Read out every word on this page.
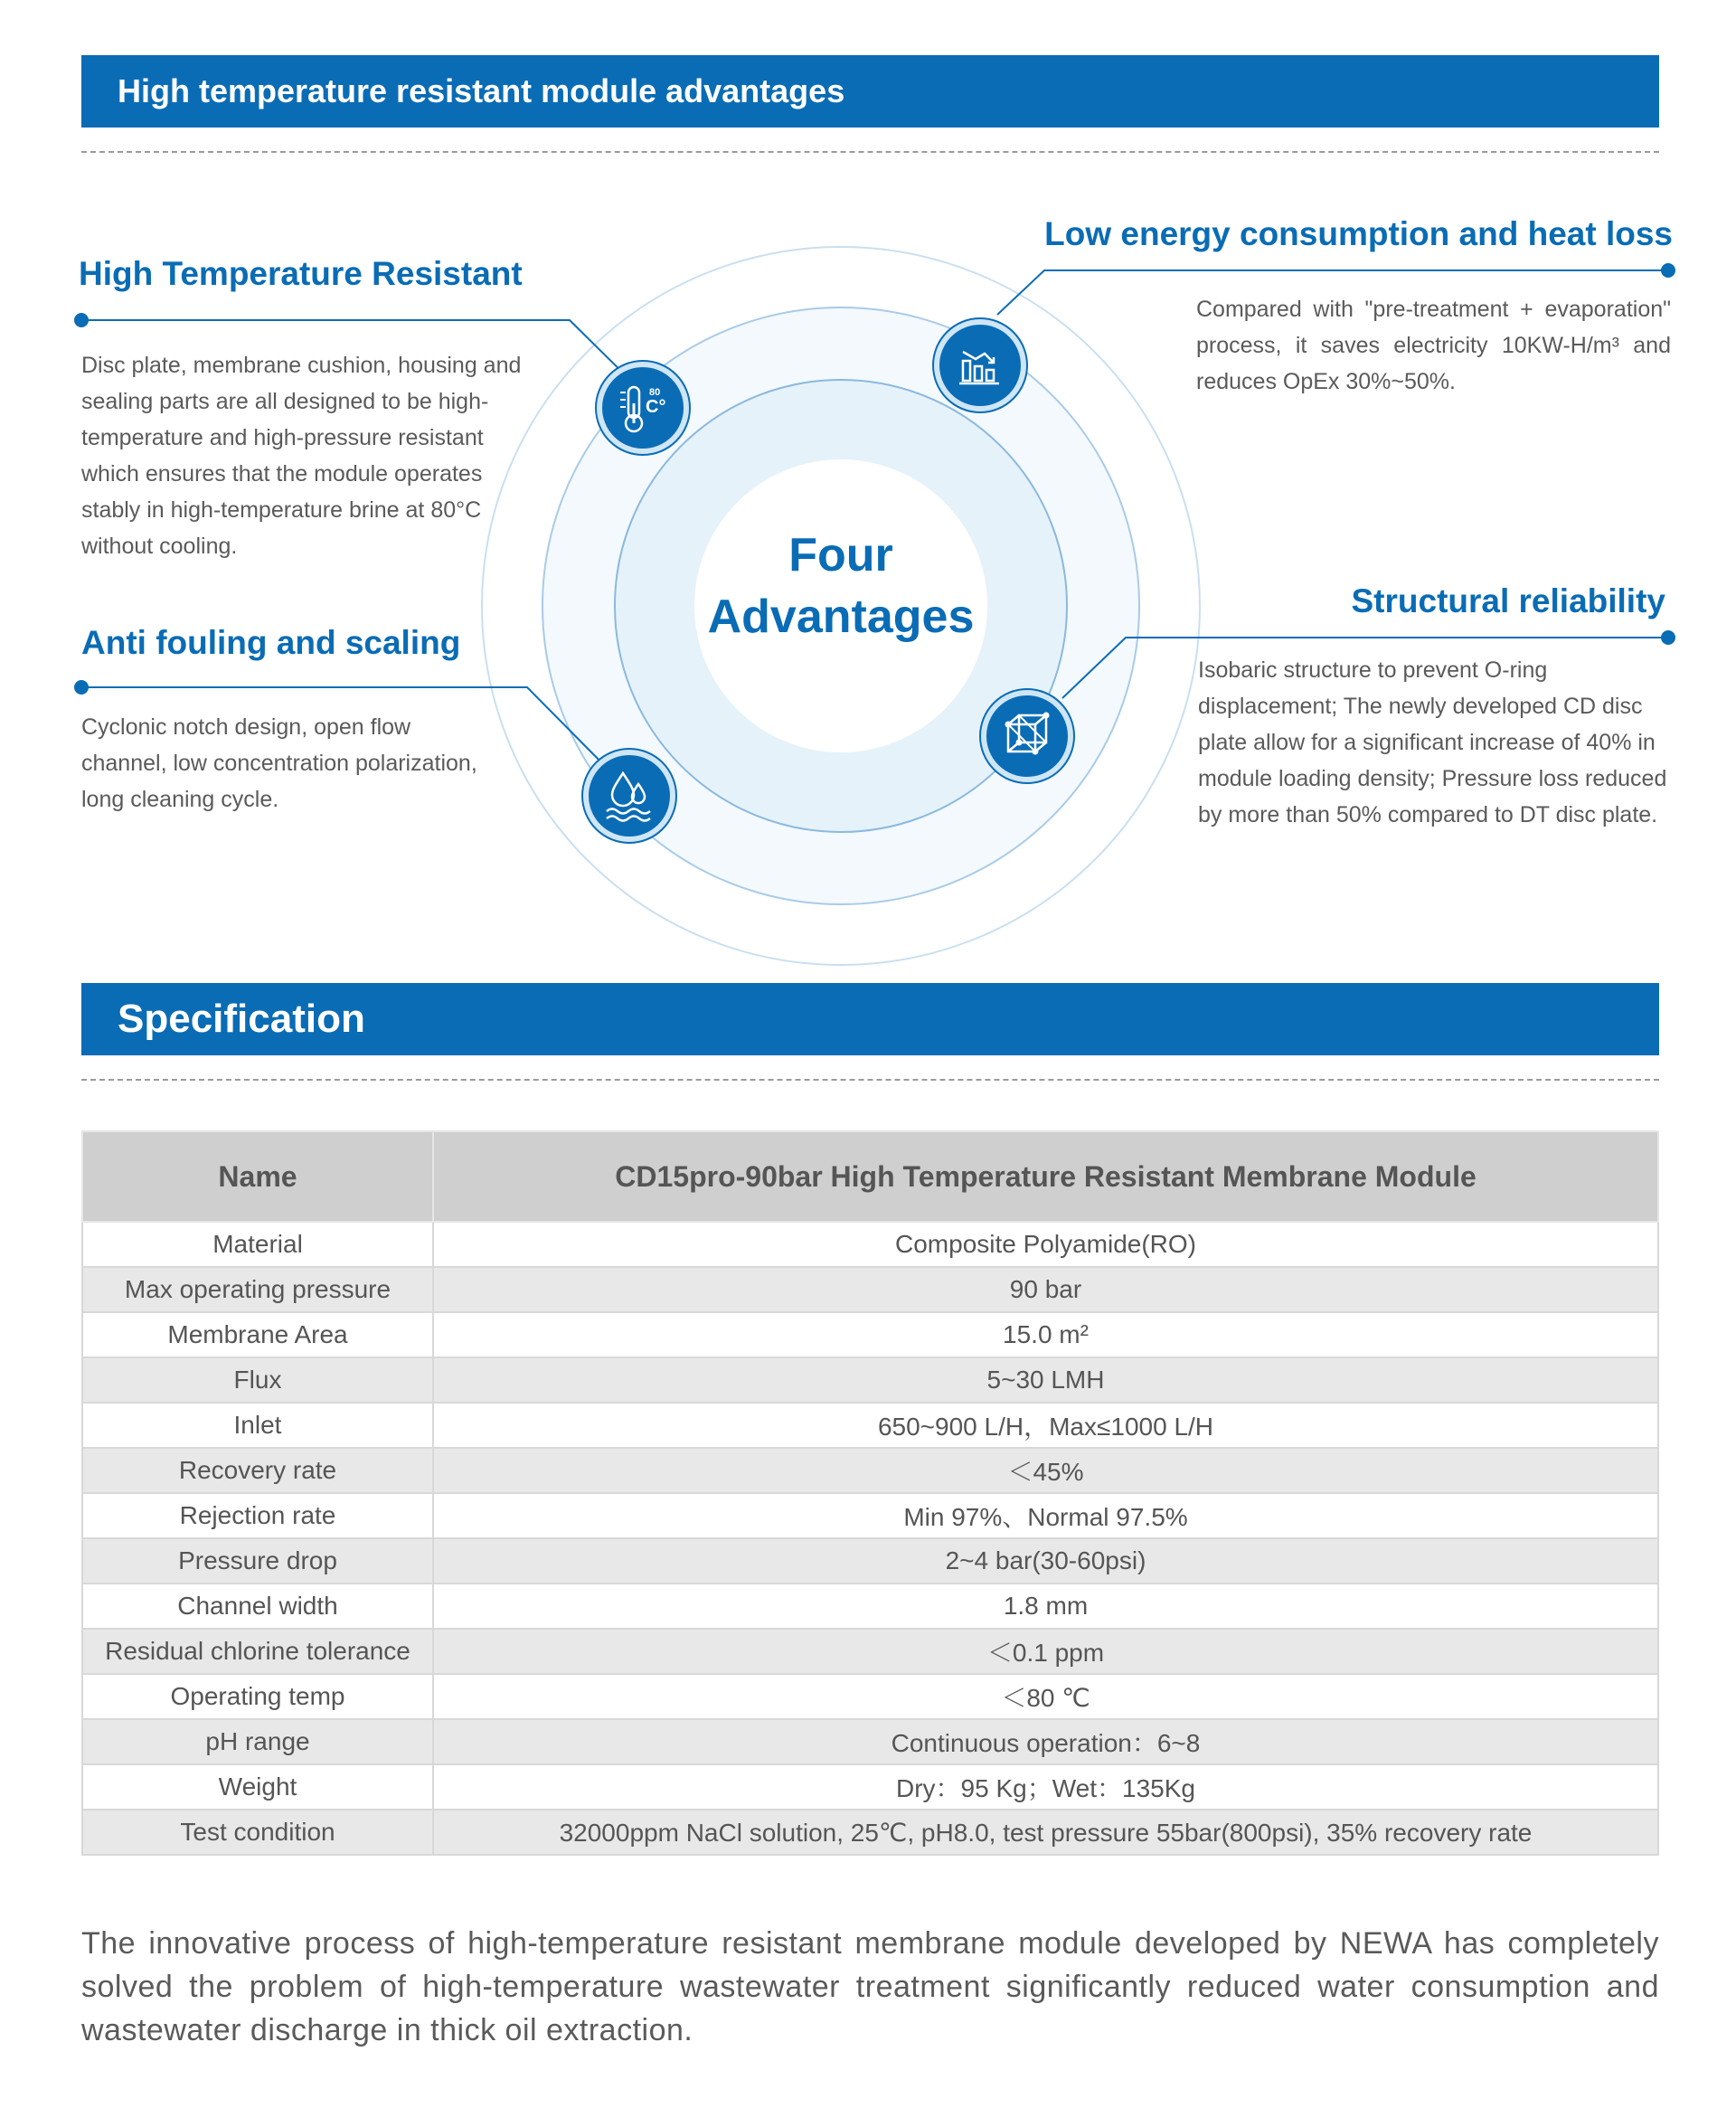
High temperature resistant module advantages
Four
Advantages
80
C°
High Temperature Resistant
Disc plate, membrane cushion, housing and sealing parts are all designed to be high-temperature and high-pressure resistant which ensures that the module operates stably in high-temperature brine at 80°C without cooling.
Low energy consumption and heat loss
Compared with "pre-treatment + evaporation" process, it saves electricity 10KW-H/m³ and reduces OpEx 30%~50%.
Anti fouling and scaling
Cyclonic notch design, open flow channel, low concentration polarization, long cleaning cycle.
Structural reliability
Isobaric structure to prevent O-ring displacement; The newly developed CD disc plate allow for a significant increase of 40% in module loading density; Pressure loss reduced by more than 50% compared to DT disc plate.
Specification
Name	CD15pro-90bar High Temperature Resistant Membrane Module
Material	Composite Polyamide(RO)
Max operating pressure	90 bar
Membrane Area	15.0 m²
Flux	5~30 LMH
Inlet	650~900 L/H，Max≤1000 L/H
Recovery rate	＜45%
Rejection rate	Min 97%、Normal 97.5%
Pressure drop	2~4 bar(30-60psi)
Channel width	1.8 mm
Residual chlorine tolerance	＜0.1 ppm
Operating temp	＜80 ℃
pH range	Continuous operation：6~8
Weight	Dry：95 Kg；Wet：135Kg
Test condition	32000ppm NaCl solution, 25℃, pH8.0, test pressure 55bar(800psi), 35% recovery rate
The innovative process of high-temperature resistant membrane module developed by NEWA has completely solved the problem of high-temperature wastewater treatment significantly reduced water consumption and wastewater discharge in thick oil extraction.
